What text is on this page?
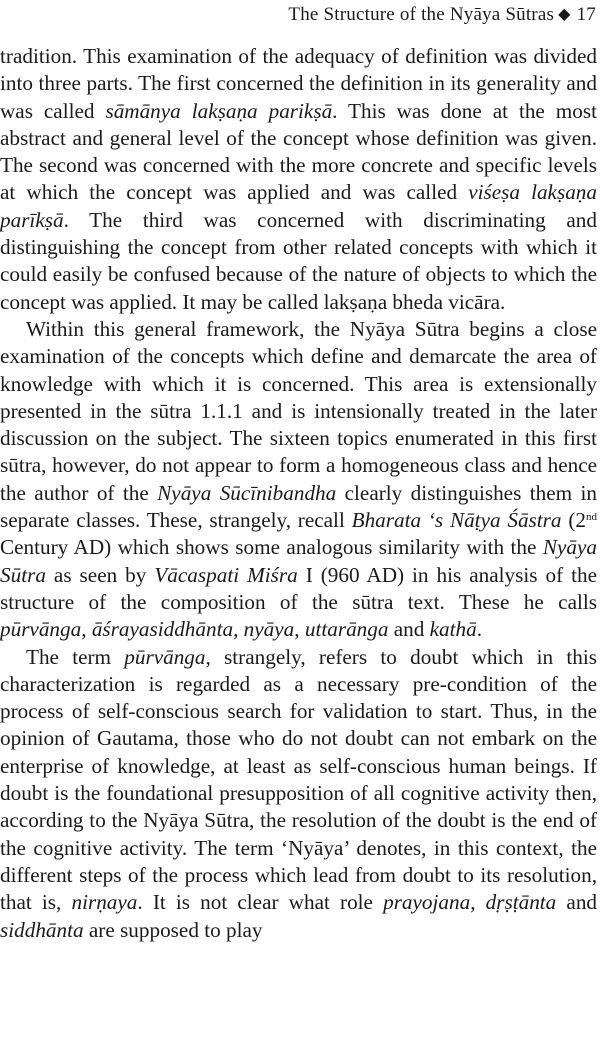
The Structure of the Nyāya Sūtras ◆ 17

tradition. This examination of the adequacy of definition was divided into three parts. The first concerned the definition in its generality and was called sāmānya lakṣaṇa parikṣā. This was done at the most abstract and general level of the concept whose definition was given. The second was concerned with the more concrete and specific levels at which the concept was applied and was called viśeṣa lakṣaṇa parīkṣā. The third was concerned with discriminating and distinguishing the concept from other related concepts with which it could easily be confused because of the nature of objects to which the concept was applied. It may be called lakṣaṇa bheda vicāra.

Within this general framework, the Nyāya Sūtra begins a close examination of the concepts which define and demarcate the area of knowledge with which it is concerned. This area is extensionally presented in the sūtra 1.1.1 and is intensionally treated in the later discussion on the subject. The sixteen topics enumerated in this first sūtra, however, do not appear to form a homogeneous class and hence the author of the Nyāya Sūcīnibandha clearly distinguishes them in separate classes. These, strangely, recall Bharata ‘s Nāṭya Śāstra (2nd Century AD) which shows some analogous similarity with the Nyāya Sūtra as seen by Vācaspati Miśra I (960 AD) in his analysis of the structure of the composition of the sūtra text. These he calls pūrvānga, āśrayasiddhānta, nyāya, uttarānga and kathā.

The term pūrvānga, strangely, refers to doubt which in this characterization is regarded as a necessary pre-condition of the process of self-conscious search for validation to start. Thus, in the opinion of Gautama, those who do not doubt can not embark on the enterprise of knowledge, at least as self-conscious human beings. If doubt is the foundational presupposition of all cognitive activity then, according to the Nyāya Sūtra, the resolution of the doubt is the end of the cognitive activity. The term ‘Nyāya’ denotes, in this context, the different steps of the process which lead from doubt to its resolution, that is, nirṇaya. It is not clear what role prayojana, dṛṣṭānta and siddhānta are supposed to play
